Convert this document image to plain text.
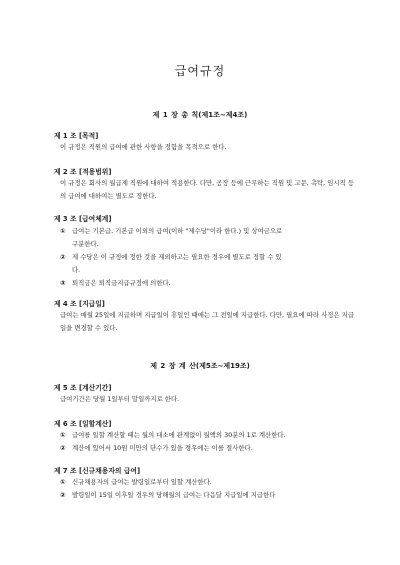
급여규정
제 1 장 총 칙(제1조~제4조)
제 1 조 [목적]
이 규정은 직원의 급여에 관한 사항을 정함을 목적으로 한다.
제 2 조 [적용범위]
이 규정은 회사의 월급제 직원에 대하여 적용한다. 다만, 공장 등에 근무하는 직원 및 고문, 촉탁, 임시직 등의 급여에 대하여는 별도로 정한다.
제 3 조 [급여체계]
① 급여는 기본급, 기본급 이외의 급여(이하 "제수당"이라 한다.) 및 상여금으로
구분한다.
② 제 수당은 이 규정에 정한 것을 제외하고는 필요한 경우에 별도로 정할 수 있
다.
③ 퇴직금은 퇴직금지급규정에 의한다.
제 4 조 [지급일]
급여는 매월 25일에 지급하며 지급일이 휴일인 때에는 그 전일에 지급한다. 다만, 필요에 따라 사정은 지급일을 변경할 수 있다.
제 2 장 계 산(제5조~제19조)
제 5 조 [계산기간]
급여기간은 당월 1일부터 말일까지로 한다.
제 6 조 [일할계산]
① 급여를 일할 계산할 때는 월의 대소에 관계없이 월액의 30분의 1로 계산한다.
② 계산에 있어서 10원 미만의 단수가 있을 경우에는 이를 절사한다.
제 7 조 [신규채용자의 급여]
① 신규채용자의 급여는 발령일로부터 일할 계산한다.
② 발령일이 15일 이후일 경우의 당해월의 급여는 다음달 지급일에 지급한다
